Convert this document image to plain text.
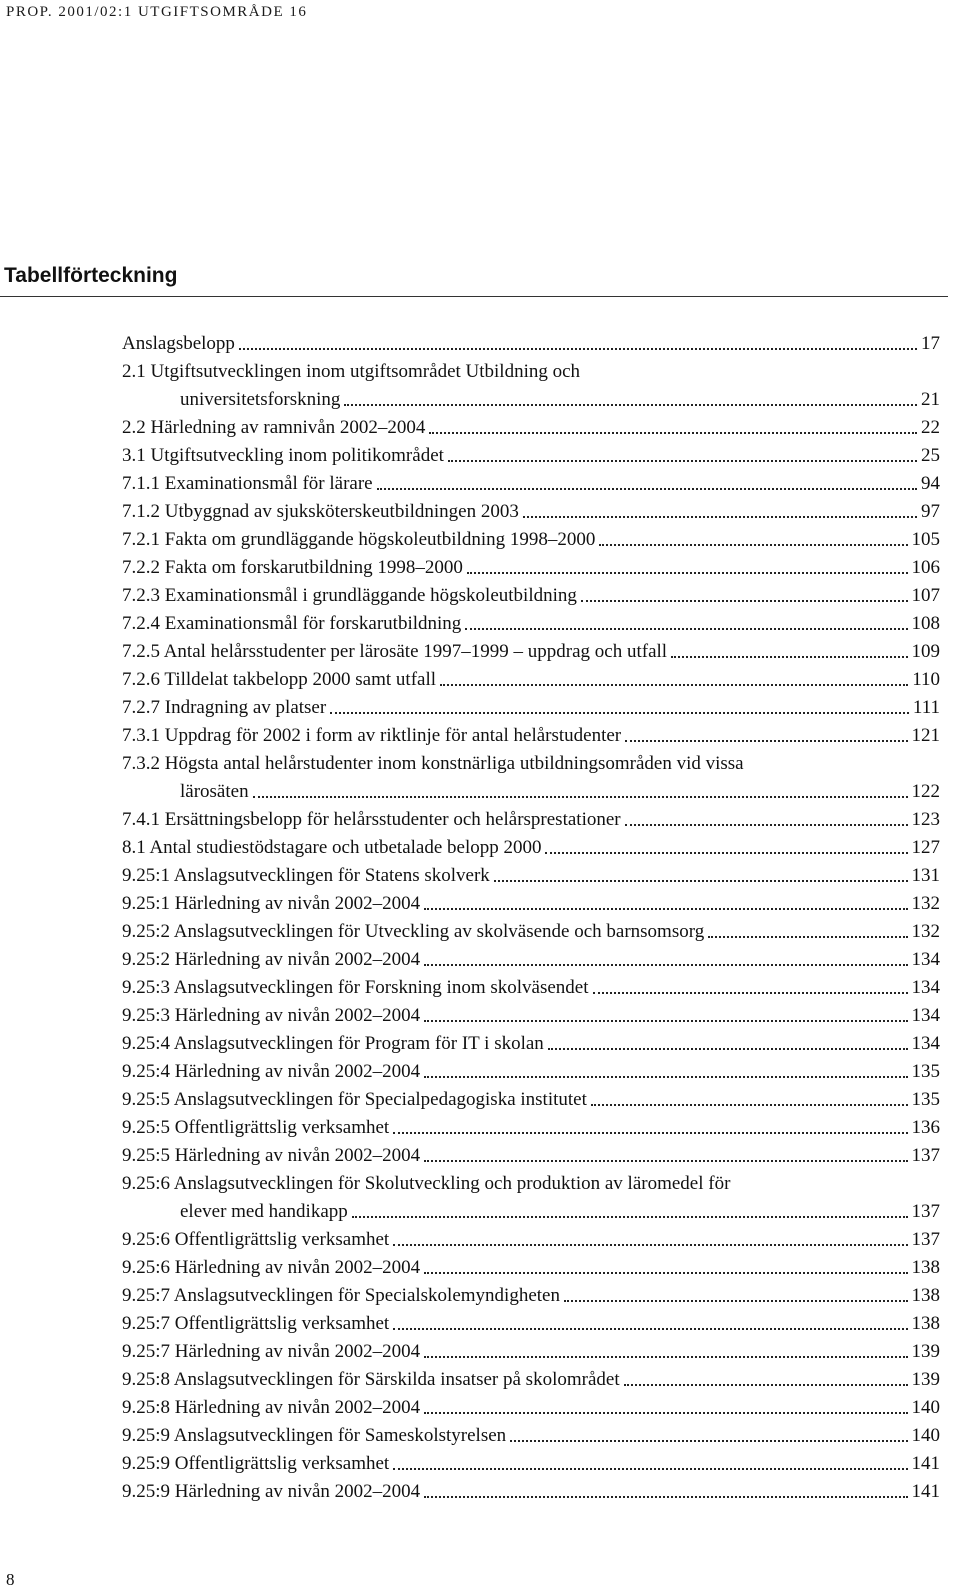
PROP. 2001/02:1 UTGIFTSOMRÅDE 16
Tabellförteckning
Anslagsbelopp	17
2.1 Utgiftsutvecklingen inom utgiftsområdet Utbildning och
universitetsforskning	21
2.2 Härledning av ramnivån 2002–2004	22
3.1 Utgiftsutveckling inom politikområdet	25
7.1.1 Examinationsmål för lärare	94
7.1.2 Utbyggnad av sjuksköterskeutbildningen 2003	97
7.2.1 Fakta om grundläggande högskoleutbildning 1998–2000	105
7.2.2 Fakta om forskarutbildning 1998–2000	106
7.2.3 Examinationsmål i grundläggande högskoleutbildning	107
7.2.4 Examinationsmål för forskarutbildning	108
7.2.5 Antal helårsstudenter per lärosäte 1997–1999 – uppdrag och utfall	109
7.2.6 Tilldelat takbelopp 2000 samt utfall	110
7.2.7 Indragning av platser	111
7.3.1 Uppdrag för 2002 i form av riktlinje för antal helårstudenter	121
7.3.2 Högsta antal helårstudenter inom konstnärliga utbildningsområden vid vissa
lärosäten	122
7.4.1 Ersättningsbelopp för helårsstudenter och helårsprestationer	123
8.1 Antal studiestödstagare och utbetalade belopp 2000	127
9.25:1 Anslagsutvecklingen för Statens skolverk	131
9.25:1 Härledning av nivån 2002–2004	132
9.25:2 Anslagsutvecklingen för Utveckling av skolväsende och barnsomsorg	132
9.25:2 Härledning av nivån 2002–2004	134
9.25:3 Anslagsutvecklingen för Forskning inom skolväsendet	134
9.25:3 Härledning av nivån 2002–2004	134
9.25:4 Anslagsutvecklingen för Program för IT i skolan	134
9.25:4 Härledning av nivån 2002–2004	135
9.25:5 Anslagsutvecklingen för Specialpedagogiska institutet	135
9.25:5 Offentligrättslig verksamhet	136
9.25:5 Härledning av nivån 2002–2004	137
9.25:6 Anslagsutvecklingen för Skolutveckling och produktion av läromedel för
elever med handikapp	137
9.25:6 Offentligrättslig verksamhet	137
9.25:6 Härledning av nivån 2002–2004	138
9.25:7 Anslagsutvecklingen för Specialskolemyndigheten	138
9.25:7 Offentligrättslig verksamhet	138
9.25:7 Härledning av nivån 2002–2004	139
9.25:8 Anslagsutvecklingen för Särskilda insatser på skolområdet	139
9.25:8 Härledning av nivån 2002–2004	140
9.25:9 Anslagsutvecklingen för Sameskolstyrelsen	140
9.25:9 Offentligrättslig verksamhet	141
9.25:9 Härledning av nivån 2002–2004	141
8
